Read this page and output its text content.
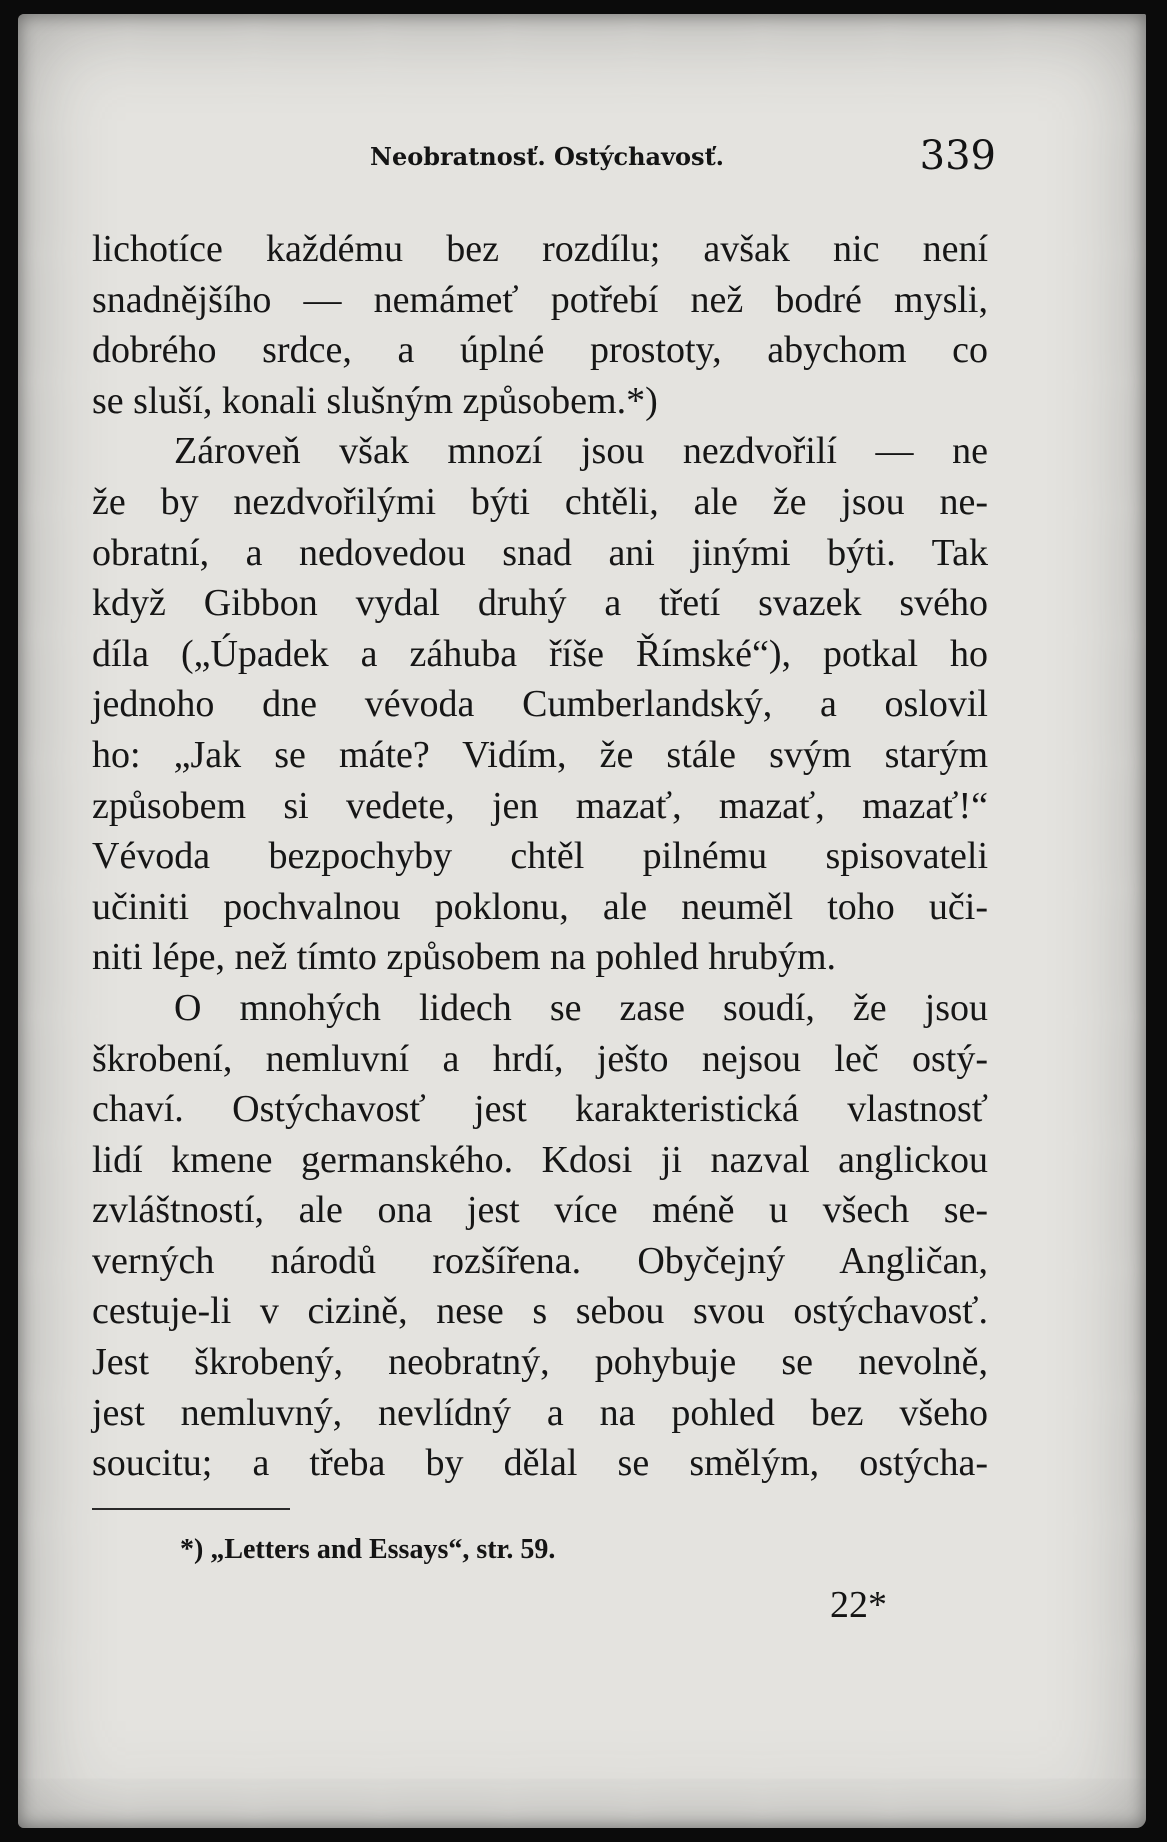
Neobratnosť. Ostýchavosť.	339
lichotíce každému bez rozdílu; avšak nic není
snadnějšího — nemámeť potřebí než bodré mysli,
dobrého srdce, a úplné prostoty, abychom co
se sluší, konali slušným způsobem.*)
Zároveň však mnozí jsou nezdvořilí — ne
že by nezdvořilými býti chtěli, ale že jsou ne-
obratní, a nedovedou snad ani jinými býti. Tak
když Gibbon vydal druhý a třetí svazek svého
díla („Úpadek a záhuba říše Římské“), potkal ho
jednoho dne vévoda Cumberlandský, a oslovil
ho: „Jak se máte? Vidím, že stále svým starým
způsobem si vedete, jen mazať, mazať, mazať!“
Vévoda bezpochyby chtěl pilnému spisovateli
učiniti pochvalnou poklonu, ale neuměl toho uči-
niti lépe, než tímto způsobem na pohled hrubým.
O mnohých lidech se zase soudí, že jsou
škrobení, nemluvní a hrdí, ješto nejsou leč ostý-
chaví. Ostýchavosť jest karakteristická vlastnosť
lidí kmene germanského. Kdosi ji nazval anglickou
zvláštností, ale ona jest více méně u všech se-
verných národů rozšířena. Obyčejný Angličan,
cestuje-li v cizině, nese s sebou svou ostýchavosť.
Jest škrobený, neobratný, pohybuje se nevolně,
jest nemluvný, nevlídný a na pohled bez všeho
soucitu; a třeba by dělal se smělým, ostýcha-
*) „Letters and Essays“, str. 59.
22*
